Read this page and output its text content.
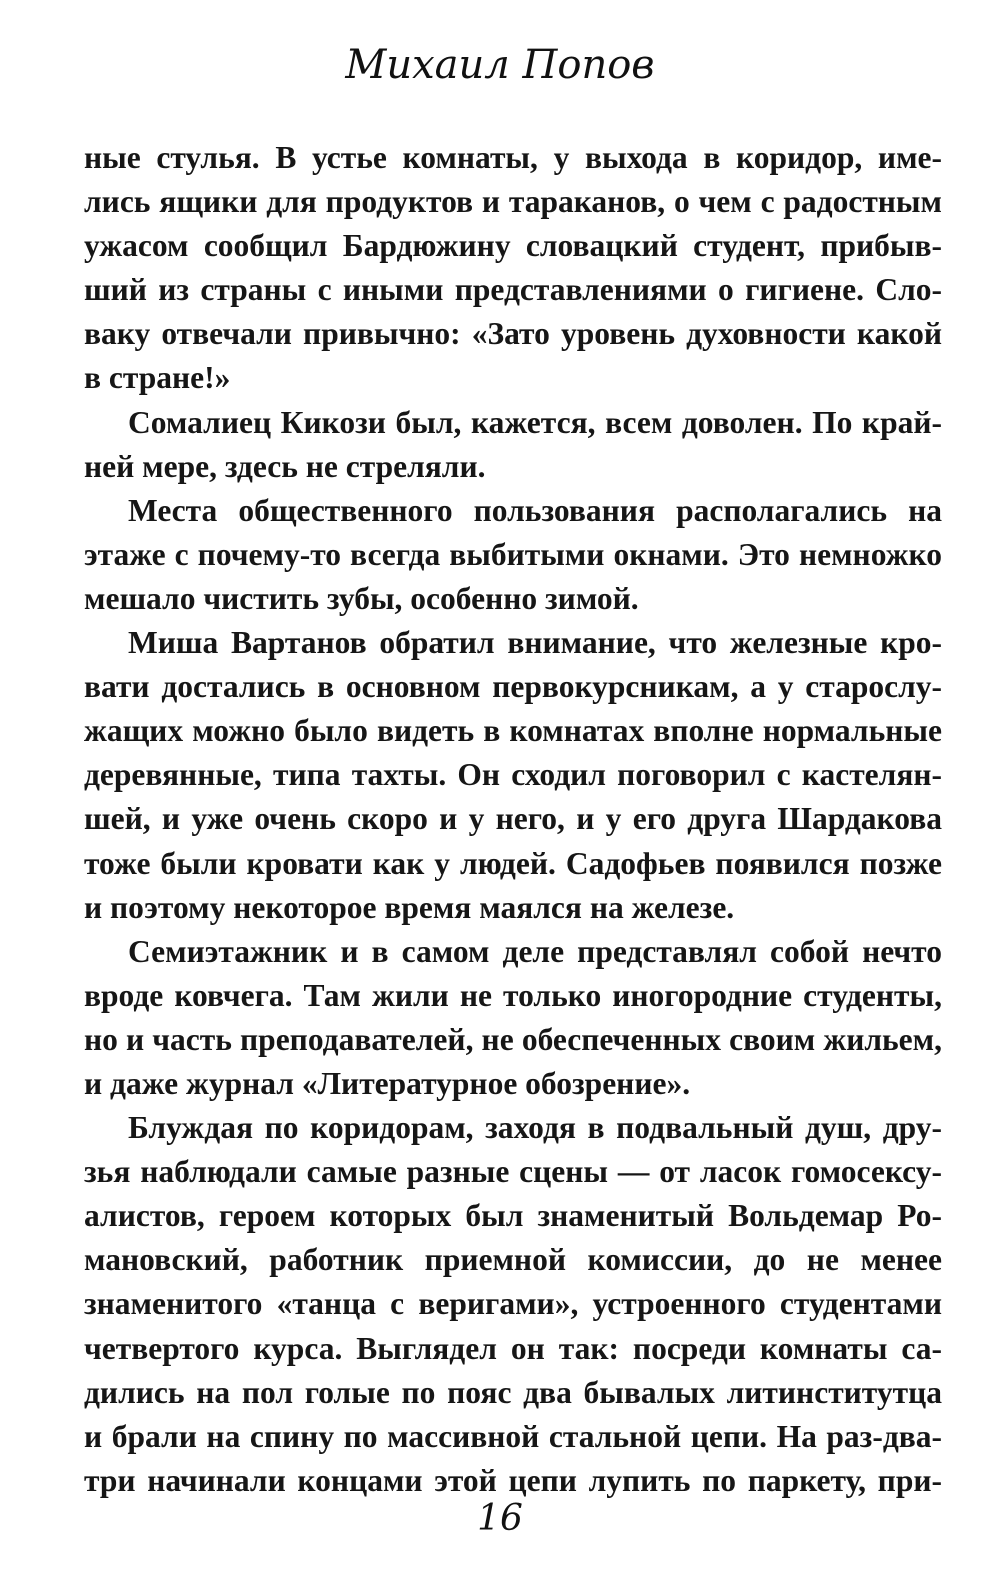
Михаил Попов
ные стулья. В устье комнаты, у выхода в коридор, име-
лись ящики для продуктов и тараканов, о чем с радостным
ужасом сообщил Бардюжину словацкий студент, прибыв-
ший из страны с иными представлениями о гигиене. Сло-
ваку отвечали привычно: «Зато уровень духовности какой
в стране!»
Сомалиец Кикози был, кажется, всем доволен. По край-
ней мере, здесь не стреляли.
Места общественного пользования располагались на
этаже с почему-то всегда выбитыми окнами. Это немножко
мешало чистить зубы, особенно зимой.
Миша Вартанов обратил внимание, что железные кро-
вати достались в основном первокурсникам, а у старослу-
жащих можно было видеть в комнатах вполне нормальные
деревянные, типа тахты. Он сходил поговорил с кастелян-
шей, и уже очень скоро и у него, и у его друга Шардакова
тоже были кровати как у людей. Садофьев появился позже
и поэтому некоторое время маялся на железе.
Семиэтажник и в самом деле представлял собой нечто
вроде ковчега. Там жили не только иногородние студенты,
но и часть преподавателей, не обеспеченных своим жильем,
и даже журнал «Литературное обозрение».
Блуждая по коридорам, заходя в подвальный душ, дру-
зья наблюдали самые разные сцены — от ласок гомосексу-
алистов, героем которых был знаменитый Вольдемар Ро-
мановский, работник приемной комиссии, до не менее
знаменитого «танца с веригами», устроенного студентами
четвертого курса. Выглядел он так: посреди комнаты са-
дились на пол голые по пояс два бывалых литинститутца
и брали на спину по массивной стальной цепи. На раз-два-
три начинали концами этой цепи лупить по паркету, при-
16
